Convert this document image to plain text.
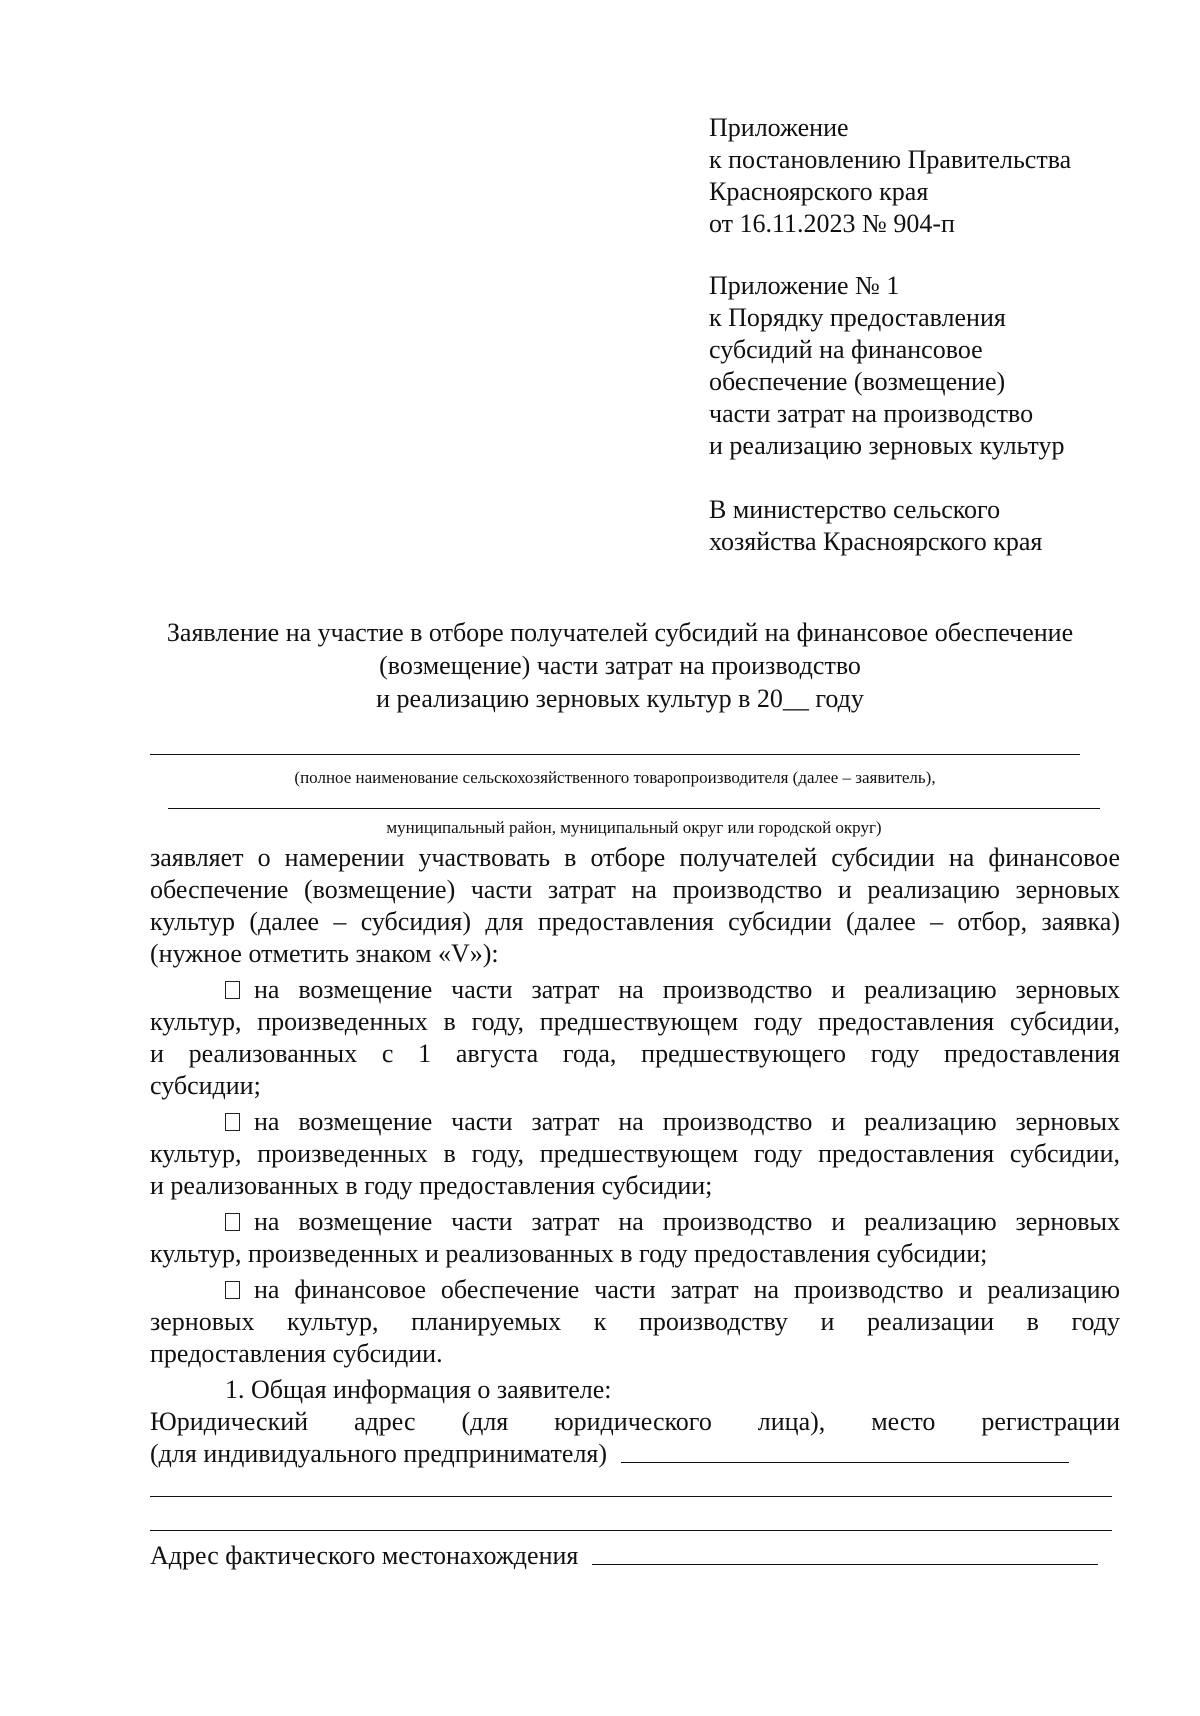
Приложение
к постановлению Правительства
Красноярского края
от 16.11.2023 № 904-п
Приложение № 1
к Порядку предоставления
субсидий на финансовое
обеспечение (возмещение)
части затрат на производство
и реализацию зерновых культур
В министерство сельского
хозяйства Красноярского края
Заявление на участие в отборе получателей субсидий на финансовое обеспечение
(возмещение) части затрат на производство
и реализацию зерновых культур в 20__ году
(полное наименование сельскохозяйственного товаропроизводителя (далее – заявитель),
муниципальный район, муниципальный округ или городской округ)
заявляет о намерении участвовать в отборе получателей субсидии на финансовое
обеспечение (возмещение) части затрат на производство и реализацию зерновых
культур (далее – субсидия) для предоставления субсидии (далее – отбор, заявка)
(нужное отметить знаком «V»):
на возмещение части затрат на производство и реализацию зерновых
культур, произведенных в году, предшествующем году предоставления субсидии,
и реализованных с 1 августа года, предшествующего году предоставления
субсидии;
на возмещение части затрат на производство и реализацию зерновых
культур, произведенных в году, предшествующем году предоставления субсидии,
и реализованных в году предоставления субсидии;
на возмещение части затрат на производство и реализацию зерновых
культур, произведенных и реализованных в году предоставления субсидии;
на финансовое обеспечение части затрат на производство и реализацию
зерновых культур, планируемых к производству и реализации в году
предоставления субсидии.
1. Общая информация о заявителе:
Юридический адрес (для юридического лица), место регистрации
(для индивидуального предпринимателя)
Адрес фактического местонахождения
